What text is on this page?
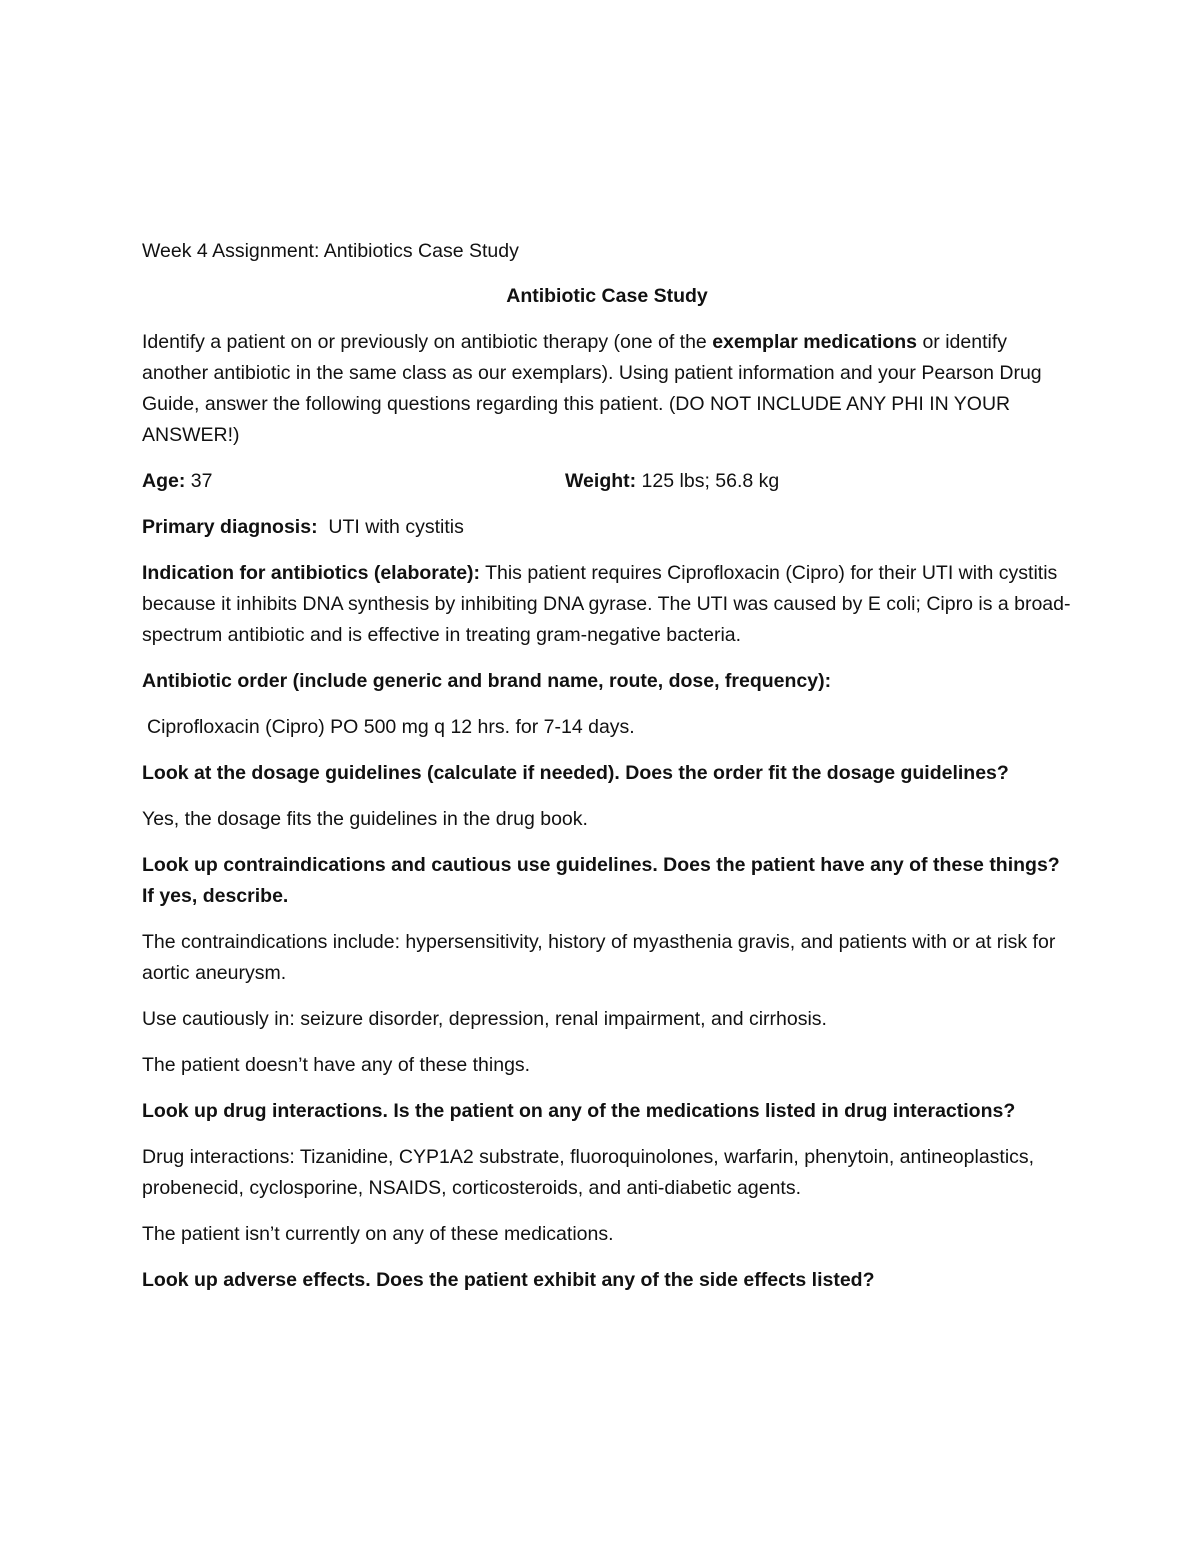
Week 4 Assignment: Antibiotics Case Study
Antibiotic Case Study
Identify a patient on or previously on antibiotic therapy (one of the exemplar medications or identify another antibiotic in the same class as our exemplars). Using patient information and your Pearson Drug Guide, answer the following questions regarding this patient. (DO NOT INCLUDE ANY PHI IN YOUR ANSWER!)
Age: 37	Weight: 125 lbs; 56.8 kg
Primary diagnosis:  UTI with cystitis
Indication for antibiotics (elaborate): This patient requires Ciprofloxacin (Cipro) for their UTI with cystitis because it inhibits DNA synthesis by inhibiting DNA gyrase. The UTI was caused by E coli; Cipro is a broad-spectrum antibiotic and is effective in treating gram-negative bacteria.
Antibiotic order (include generic and brand name, route, dose, frequency):
Ciprofloxacin (Cipro) PO 500 mg q 12 hrs. for 7-14 days.
Look at the dosage guidelines (calculate if needed). Does the order fit the dosage guidelines?
Yes, the dosage fits the guidelines in the drug book.
Look up contraindications and cautious use guidelines. Does the patient have any of these things? If yes, describe.
The contraindications include: hypersensitivity, history of myasthenia gravis, and patients with or at risk for aortic aneurysm.
Use cautiously in: seizure disorder, depression, renal impairment, and cirrhosis.
The patient doesn’t have any of these things.
Look up drug interactions. Is the patient on any of the medications listed in drug interactions?
Drug interactions: Tizanidine, CYP1A2 substrate, fluoroquinolones, warfarin, phenytoin, antineoplastics, probenecid, cyclosporine, NSAIDS, corticosteroids, and anti-diabetic agents.
The patient isn’t currently on any of these medications.
Look up adverse effects. Does the patient exhibit any of the side effects listed?
